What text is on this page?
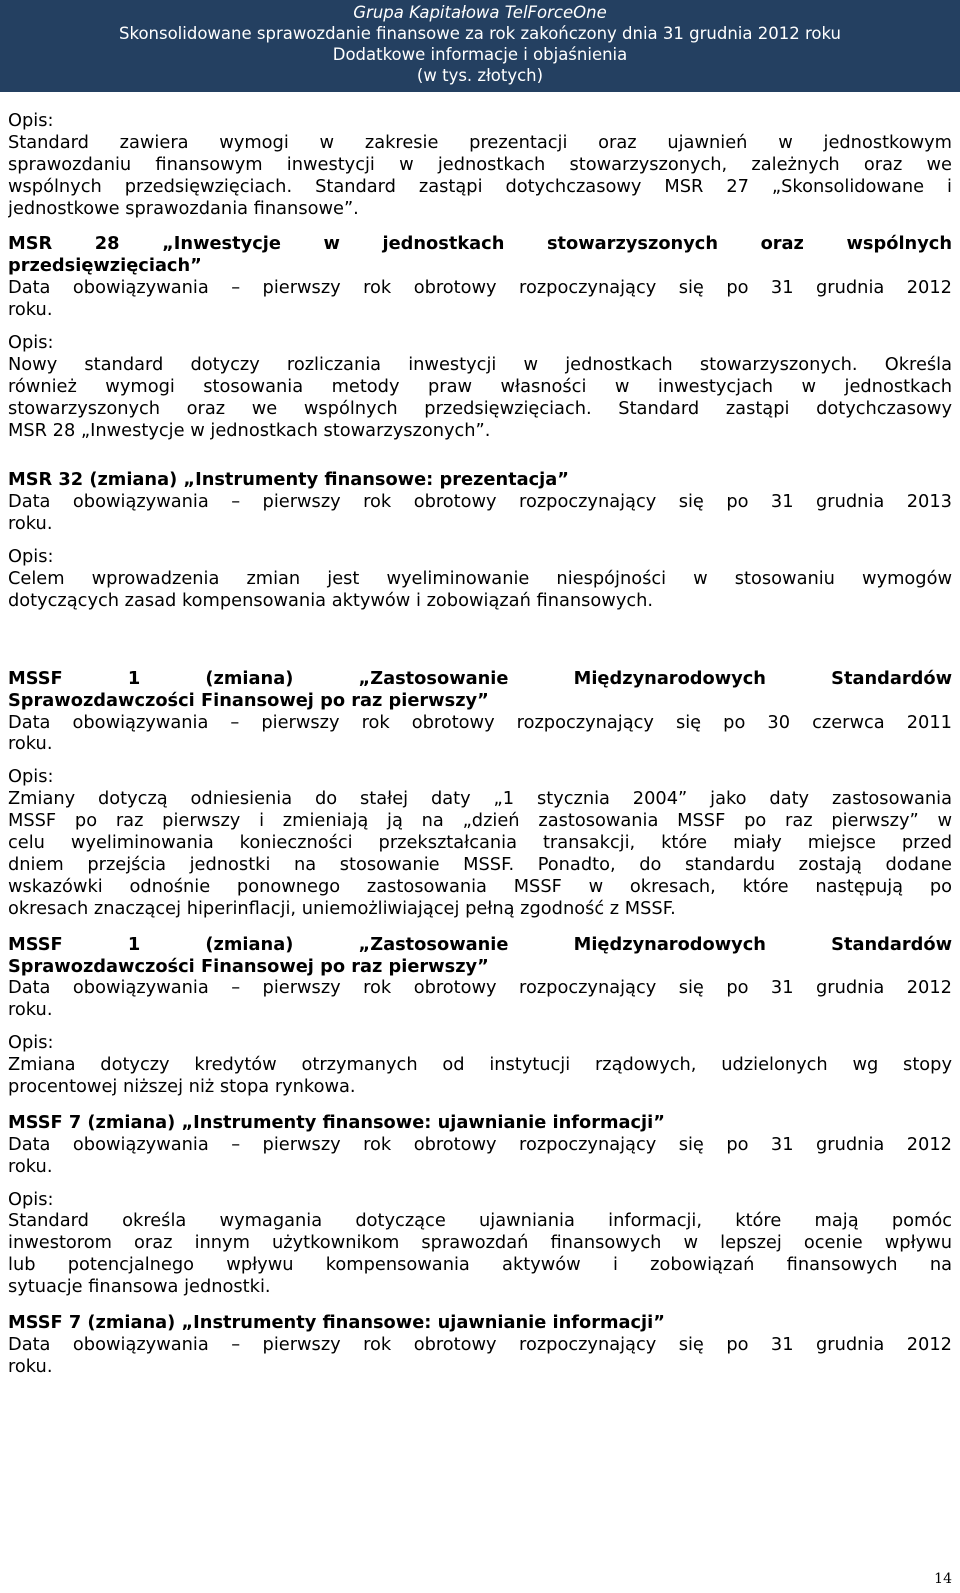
Grupa Kapitałowa TelForceOne
Skonsolidowane sprawozdanie finansowe za rok zakończony dnia 31 grudnia 2012 roku
Dodatkowe informacje i objaśnienia
(w tys. złotych)
Opis:
Standard zawiera wymogi w zakresie prezentacji oraz ujawnień w jednostkowym
sprawozdaniu finansowym inwestycji w jednostkach stowarzyszonych, zależnych oraz we
wspólnych przedsięwzięciach. Standard zastąpi dotychczasowy MSR 27 „Skonsolidowane i
jednostkowe sprawozdania finansowe”.
MSR 28 „Inwestycje w jednostkach stowarzyszonych oraz wspólnych
przedsięwzięciach”
Data obowiązywania – pierwszy rok obrotowy rozpoczynający się po 31 grudnia 2012
roku.
Opis:
Nowy standard dotyczy rozliczania inwestycji w jednostkach stowarzyszonych. Określa
również wymogi stosowania metody praw własności w inwestycjach w jednostkach
stowarzyszonych oraz we wspólnych przedsięwzięciach. Standard zastąpi dotychczasowy
MSR 28 „Inwestycje w jednostkach stowarzyszonych”.
MSR 32 (zmiana) „Instrumenty finansowe: prezentacja”
Data obowiązywania – pierwszy rok obrotowy rozpoczynający się po 31 grudnia 2013
roku.
Opis:
Celem wprowadzenia zmian jest wyeliminowanie niespójności w stosowaniu wymogów
dotyczących zasad kompensowania aktywów i zobowiązań finansowych.
MSSF 1 (zmiana) „Zastosowanie Międzynarodowych Standardów
Sprawozdawczości Finansowej po raz pierwszy”
Data obowiązywania – pierwszy rok obrotowy rozpoczynający się po 30 czerwca 2011
roku.
Opis:
Zmiany dotyczą odniesienia do stałej daty „1 stycznia 2004” jako daty zastosowania
MSSF po raz pierwszy i zmieniają ją na „dzień zastosowania MSSF po raz pierwszy” w
celu wyeliminowania konieczności przekształcania transakcji, które miały miejsce przed
dniem przejścia jednostki na stosowanie MSSF. Ponadto, do standardu zostają dodane
wskazówki odnośnie ponownego zastosowania MSSF w okresach, które następują po
okresach znaczącej hiperinflacji, uniemożliwiającej pełną zgodność z MSSF.
MSSF 1 (zmiana) „Zastosowanie Międzynarodowych Standardów
Sprawozdawczości Finansowej po raz pierwszy”
Data obowiązywania – pierwszy rok obrotowy rozpoczynający się po 31 grudnia 2012
roku.
Opis:
Zmiana dotyczy kredytów otrzymanych od instytucji rządowych, udzielonych wg stopy
procentowej niższej niż stopa rynkowa.
MSSF 7 (zmiana) „Instrumenty finansowe: ujawnianie informacji”
Data obowiązywania – pierwszy rok obrotowy rozpoczynający się po 31 grudnia 2012
roku.
Opis:
Standard określa wymagania dotyczące ujawniania informacji, które mają pomóc
inwestorom oraz innym użytkownikom sprawozdań finansowych w lepszej ocenie wpływu
lub potencjalnego wpływu kompensowania aktywów i zobowiązań finansowych na
sytuacje finansowa jednostki.
MSSF 7 (zmiana) „Instrumenty finansowe: ujawnianie informacji”
Data obowiązywania – pierwszy rok obrotowy rozpoczynający się po 31 grudnia 2012
roku.
14
